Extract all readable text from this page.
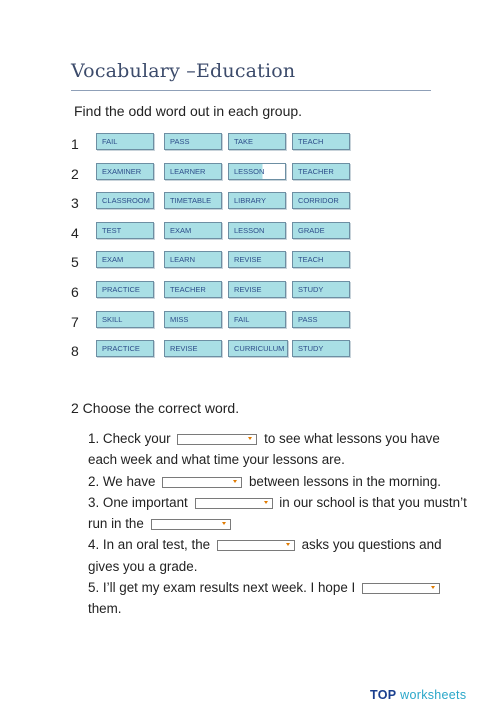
Vocabulary –Education
Find the odd word out in each group.
1	FAIL	PASS	TAKE	TEACH
2	EXAMINER	LEARNER	LESSON	TEACHER
3	CLASSROOM	TIMETABLE	LIBRARY	CORRIDOR
4	TEST	EXAM	LESSON	GRADE
5	EXAM	LEARN	REVISE	TEACH
6	PRACTICE	TEACHER	REVISE	STUDY
7	SKILL	MISS	FAIL	PASS
8	PRACTICE	REVISE	CURRICULUM	STUDY
2 Choose the correct word.
1. Check your	to see what lessons you have each week and what time your lessons are.
2. We have	between lessons in the morning.
3. One important	in our school is that you mustn’t run in the
4. In an oral test, the	asks you questions and gives you a grade.
5. I’ll get my exam results next week. I hope I
them.
TOP worksheets
